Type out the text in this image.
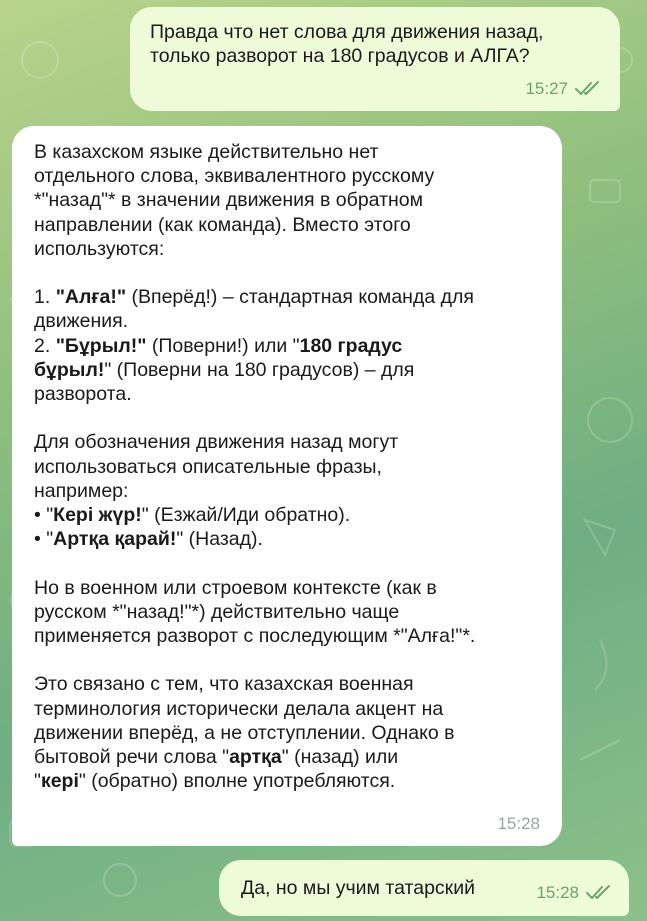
Правда что нет слова для движения назад,
только разворот на 180 градусов и АЛГА?
15:27
В казахском языке действительно нет
отдельного слова, эквивалентного русскому
*"назад"* в значении движения в обратном
направлении (как команда). Вместо этого
используются:

1. "Алға!" (Вперёд!) – стандартная команда для
движения.
2. "Бұрыл!" (Поверни!) или "180 градус
бұрыл!" (Поверни на 180 градусов) – для
разворота.

Для обозначения движения назад могут
использоваться описательные фразы,
например:
• "Кері жүр!" (Езжай/Иди обратно).
• "Артқа қарай!" (Назад).

Но в военном или строевом контексте (как в
русском *"назад!"*) действительно чаще
применяется разворот с последующим *"Алға!"*.

Это связано с тем, что казахская военная
терминология исторически делала акцент на
движении вперёд, а не отступлении. Однако в
бытовой речи слова "артқа" (назад) или
"кері" (обратно) вполне употребляются.
15:28
Да, но мы учим татарский	15:28
